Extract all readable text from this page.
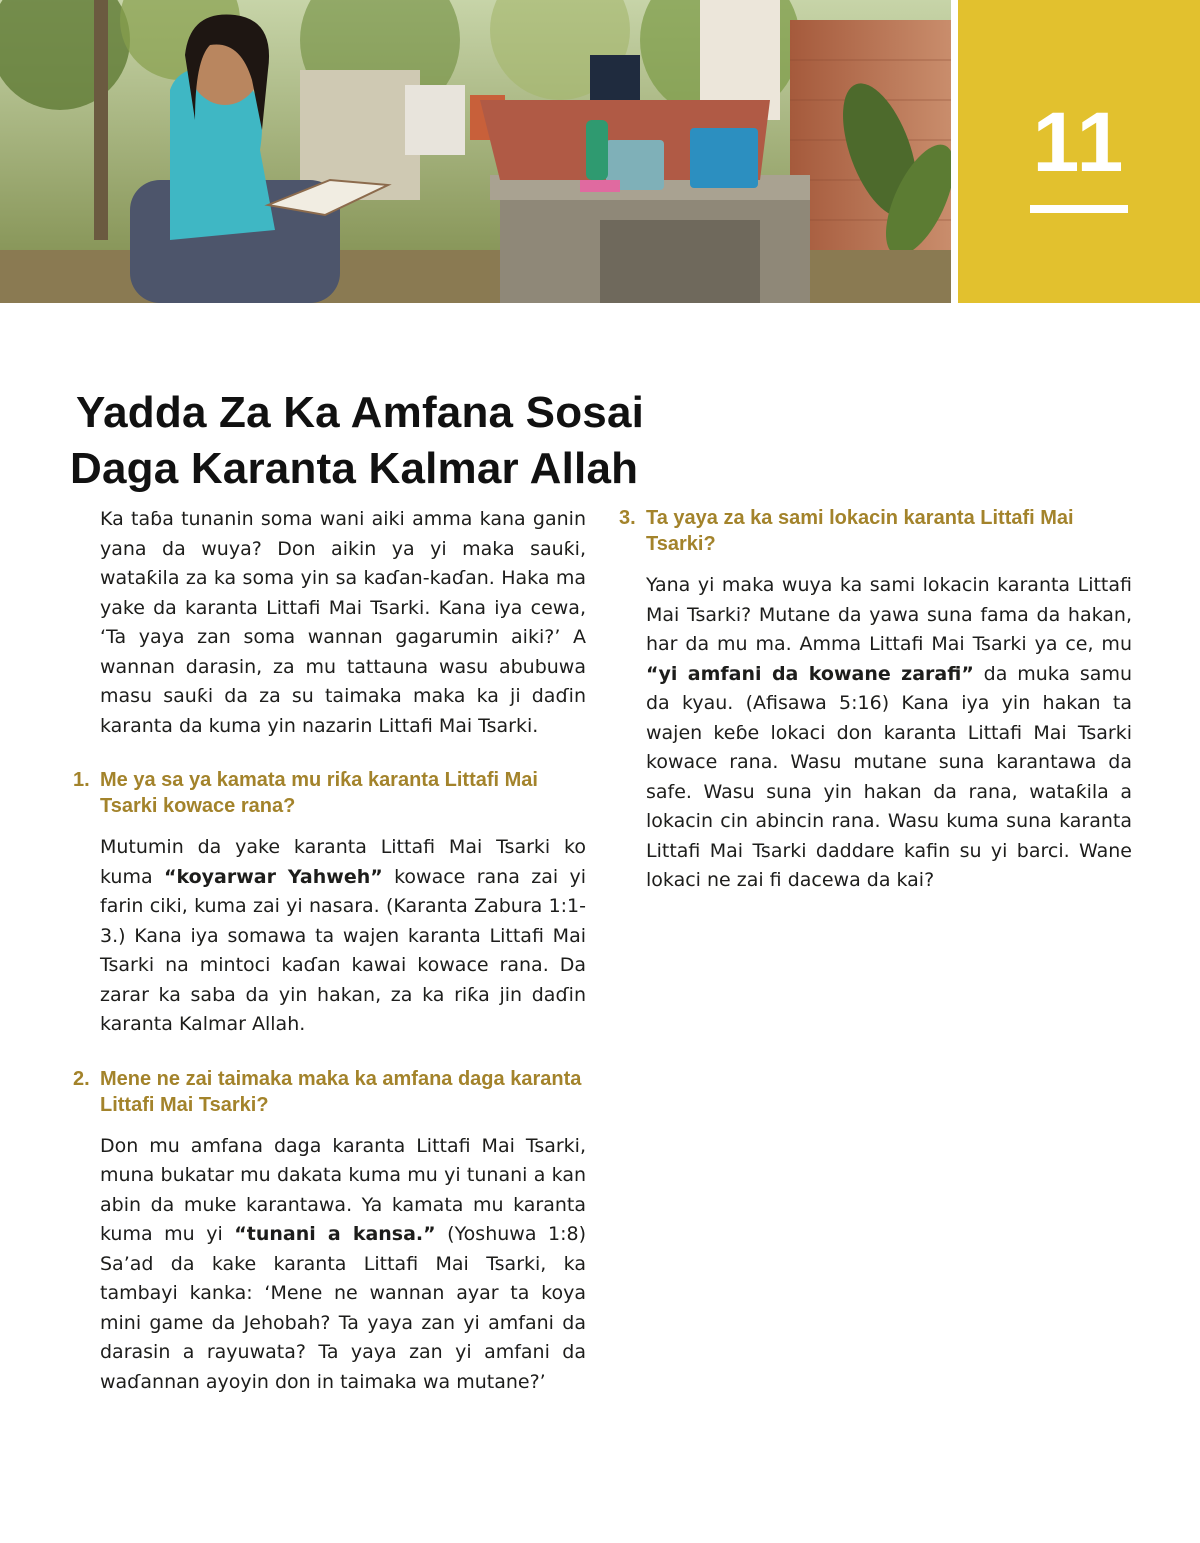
11
Yadda Za Ka Amfana Sosai
Daga Karanta Kalmar Allah

Ka taɓa tunanin soma wani aiki amma kana ganin yana da wuya? Don aikin ya yi maka sauƙi, wataƙila za ka soma yin sa kaɗan-kaɗan. Haka ma yake da karanta Littafi Mai Tsarki. Kana iya cewa, ‘Ta yaya zan soma wannan gagarumin aiki?’ A wannan darasin, za mu tattauna wasu abubuwa masu sauƙi da za su taimaka maka ka ji daɗin karanta da kuma yin nazarin Littafi Mai Tsarki.

1. Me ya sa ya kamata mu riƙa karanta Littafi Mai Tsarki kowace rana?

Mutumin da yake karanta Littafi Mai Tsarki ko kuma “koyarwar Yahweh” kowace rana zai yi farin ciki, kuma zai yi nasara. (Karanta Zabura 1:1-3.) Kana iya somawa ta wajen karanta Littafi Mai Tsarki na mintoci kaɗan kawai kowace rana. Da zarar ka saba da yin hakan, za ka riƙa jin daɗin karanta Kalmar Allah.

2. Mene ne zai taimaka maka ka amfana daga karanta Littafi Mai Tsarki?

Don mu amfana daga karanta Littafi Mai Tsarki, muna bukatar mu dakata kuma mu yi tunani a kan abin da muke karantawa. Ya kamata mu karanta kuma mu yi “tunani a kansa.” (Yoshuwa 1:8) Sa’ad da kake karanta Littafi Mai Tsarki, ka tambayi kanka: ‘Mene ne wannan ayar ta koya mini game da Jehobah? Ta yaya zan yi amfani da darasin a rayuwata? Ta yaya zan yi amfani da waɗannan ayoyin don in taimaka wa mutane?’

3. Ta yaya za ka sami lokacin karanta Littafi Mai Tsarki?

Yana yi maka wuya ka sami lokacin karanta Littafi Mai Tsarki? Mutane da yawa suna fama da hakan, har da mu ma. Amma Littafi Mai Tsarki ya ce, mu “yi amfani da kowane zarafi” da muka samu da kyau. (Afisawa 5:16) Kana iya yin hakan ta wajen keɓe lokaci don karanta Littafi Mai Tsarki kowace rana. Wasu mutane suna karantawa da safe. Wasu suna yin hakan da rana, wataƙila a lokacin cin abincin rana. Wasu kuma suna karanta Littafi Mai Tsarki daddare kafin su yi barci. Wane lokaci ne zai fi dacewa da kai?
